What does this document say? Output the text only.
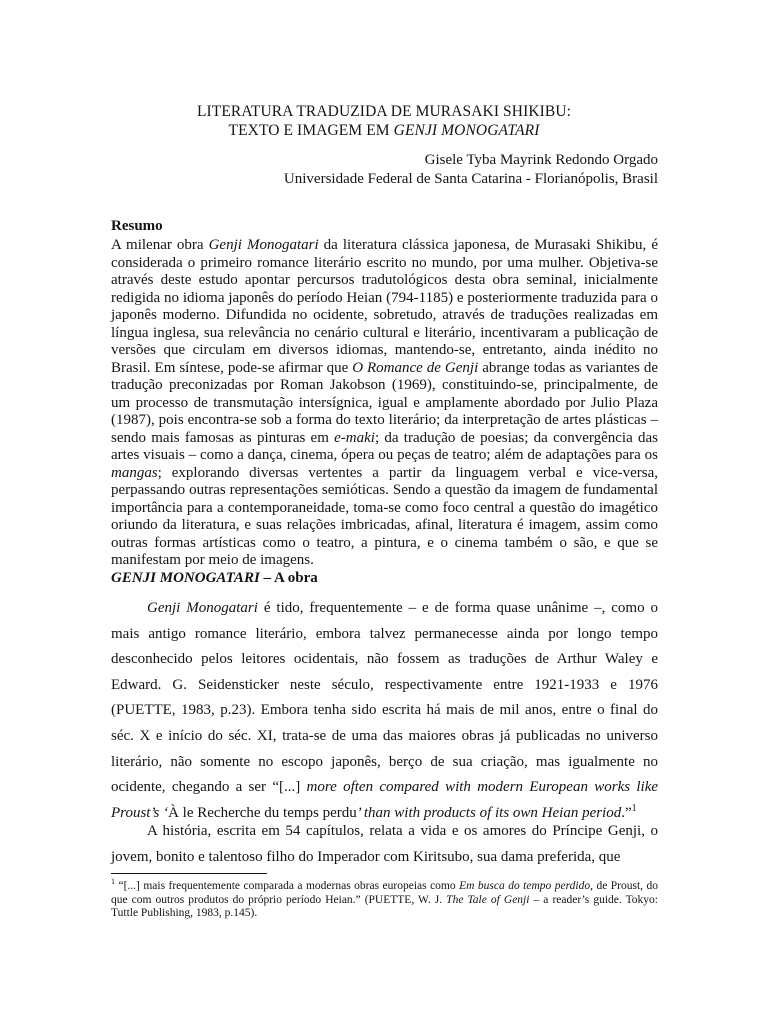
LITERATURA TRADUZIDA DE MURASAKI SHIKIBU:
TEXTO E IMAGEM EM GENJI MONOGATARI
Gisele Tyba Mayrink Redondo Orgado
Universidade Federal de Santa Catarina - Florianópolis, Brasil
Resumo

A milenar obra Genji Monogatari da literatura clássica japonesa, de Murasaki Shikibu, é considerada o primeiro romance literário escrito no mundo, por uma mulher. Objetiva-se através deste estudo apontar percursos tradutológicos desta obra seminal, inicialmente redigida no idioma japonês do período Heian (794-1185) e posteriormente traduzida para o japonês moderno. Difundida no ocidente, sobretudo, através de traduções realizadas em língua inglesa, sua relevância no cenário cultural e literário, incentivaram a publicação de versões que circulam em diversos idiomas, mantendo-se, entretanto, ainda inédito no Brasil. Em síntese, pode-se afirmar que O Romance de Genji abrange todas as variantes de tradução preconizadas por Roman Jakobson (1969), constituindo-se, principalmente, de um processo de transmutação intersígnica, igual e amplamente abordado por Julio Plaza (1987), pois encontra-se sob a forma do texto literário; da interpretação de artes plásticas – sendo mais famosas as pinturas em e-maki; da tradução de poesias; da convergência das artes visuais – como a dança, cinema, ópera ou peças de teatro; além de adaptações para os mangas; explorando diversas vertentes a partir da linguagem verbal e vice-versa, perpassando outras representações semióticas. Sendo a questão da imagem de fundamental importância para a contemporaneidade, toma-se como foco central a questão do imagético oriundo da literatura, e suas relações imbricadas, afinal, literatura é imagem, assim como outras formas artísticas como o teatro, a pintura, e o cinema também o são, e que se manifestam por meio de imagens.

GENJI MONOGATARI – A obra

Genji Monogatari é tido, frequentemente – e de forma quase unânime –, como o mais antigo romance literário, embora talvez permanecesse ainda por longo tempo desconhecido pelos leitores ocidentais, não fossem as traduções de Arthur Waley e Edward. G. Seidensticker neste século, respectivamente entre 1921-1933 e 1976 (PUETTE, 1983, p.23). Embora tenha sido escrita há mais de mil anos, entre o final do séc. X e início do séc. XI, trata-se de uma das maiores obras já publicadas no universo literário, não somente no escopo japonês, berço de sua criação, mas igualmente no ocidente, chegando a ser “[...] more often compared with modern European works like Proust’s ‘À le Recherche du temps perdu’ than with products of its own Heian period.”$^1$

A história, escrita em 54 capítulos, relata a vida e os amores do Príncipe Genji, o jovem, bonito e talentoso filho do Imperador com Kiritsubo, sua dama preferida, que

$^1$ “[...] mais frequentemente comparada a modernas obras europeias como Em busca do tempo perdido, de Proust, do que com outros produtos do próprio período Heian.” (PUETTE, W. J. The Tale of Genji – a reader’s guide. Tokyo: Tuttle Publishing, 1983, p.145).
